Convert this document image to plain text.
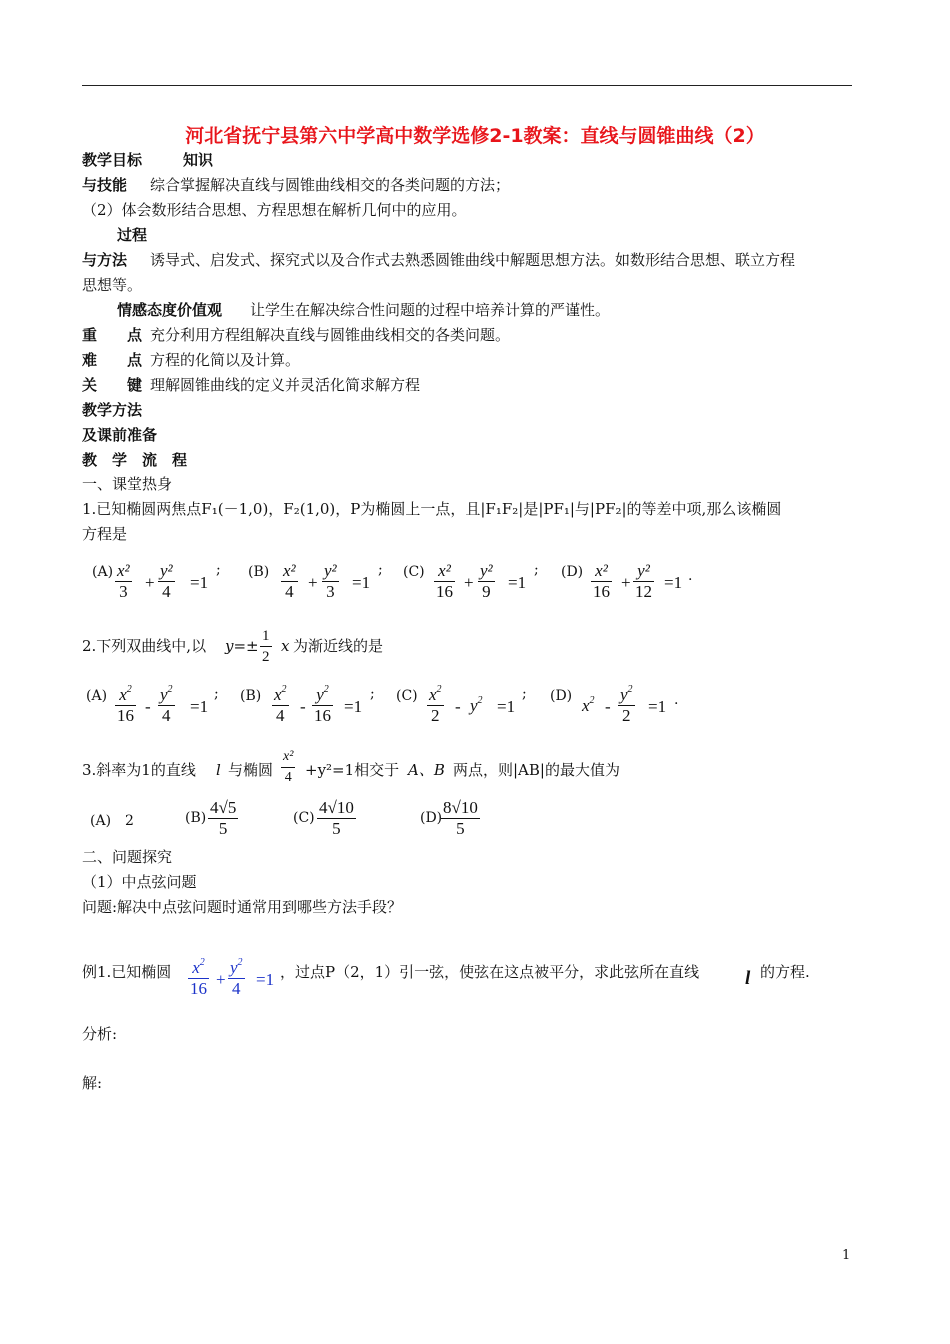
河北省抚宁县第六中学高中数学选修2-1教案：直线与圆锥曲线（2）
教学目标	知识
与技能 综合掌握解决直线与圆锥曲线相交的各类问题的方法；
（2）体会数形结合思想、方程思想在解析几何中的应用。
过程
与方法 诱导式、启发式、探究式以及合作式去熟悉圆锥曲线中解题思想方法。如数形结合思想、联立方程
思想等。
情感态度价值观 让学生在解决综合性问题的过程中培养计算的严谨性。
重　　点 充分利用方程组解决直线与圆锥曲线相交的各类问题。
难　　点 方程的化简以及计算。
关　　键 理解圆锥曲线的定义并灵活化简求解方程
教学方法
及课前准备
教　学　流　程
一、课堂热身
1.已知椭圆两焦点F₁(－1,0)，F₂(1,0)，P为椭圆上一点，且|F₁F₂|是|PF₁|与|PF₂|的等差中项,那么该椭圆
方程是
$(A) \frac{\text{x²}}{3} + \frac{\text{y²}}{4} =1$
; $(B) \frac{\text{x²}}{4} + \frac{\text{y²}}{3} =1$
; $(C) \frac{\text{x²}}{16} + \frac{\text{y²}}{9} =1$
; $(D) \frac{\text{x²}}{16} + \frac{\text{y²}}{12} =1$ .
2.下列双曲线中,以 $y=\pm \frac{1}{2}$ x 为渐近线的是
$(A) \frac{x^2}{16} - \frac{y^2}{4} =1$
; $(B) \frac{x^2}{4} - \frac{y^2}{16} =1$
; $(C) \frac{x^2}{2} - y^2 =1$
; (D) $x^2 - \frac{y^2}{2} =1$ .
3.斜率为1的直线 l 与椭圆 $\frac{\text{x²}}{4} +y^2=1$相交于 A、B 两点，则|AB|的最大值为
(A)　2	$(B) \frac{4√5}{5}$	$(C) \frac{4√10}{5}$	(D)
$\frac{8√10}{5}$
二、问题探究
（1）中点弦问题
问题:解决中点弦问题时通常用到哪些方法手段？
例1.已知椭圆 $\frac{x^2}{16} + \frac{y^2}{4} =1$ ，过点P（2，1）引一弦，使弦在这点被平分，求此弦所在直线 l 的方程.
分析:
解:
1
